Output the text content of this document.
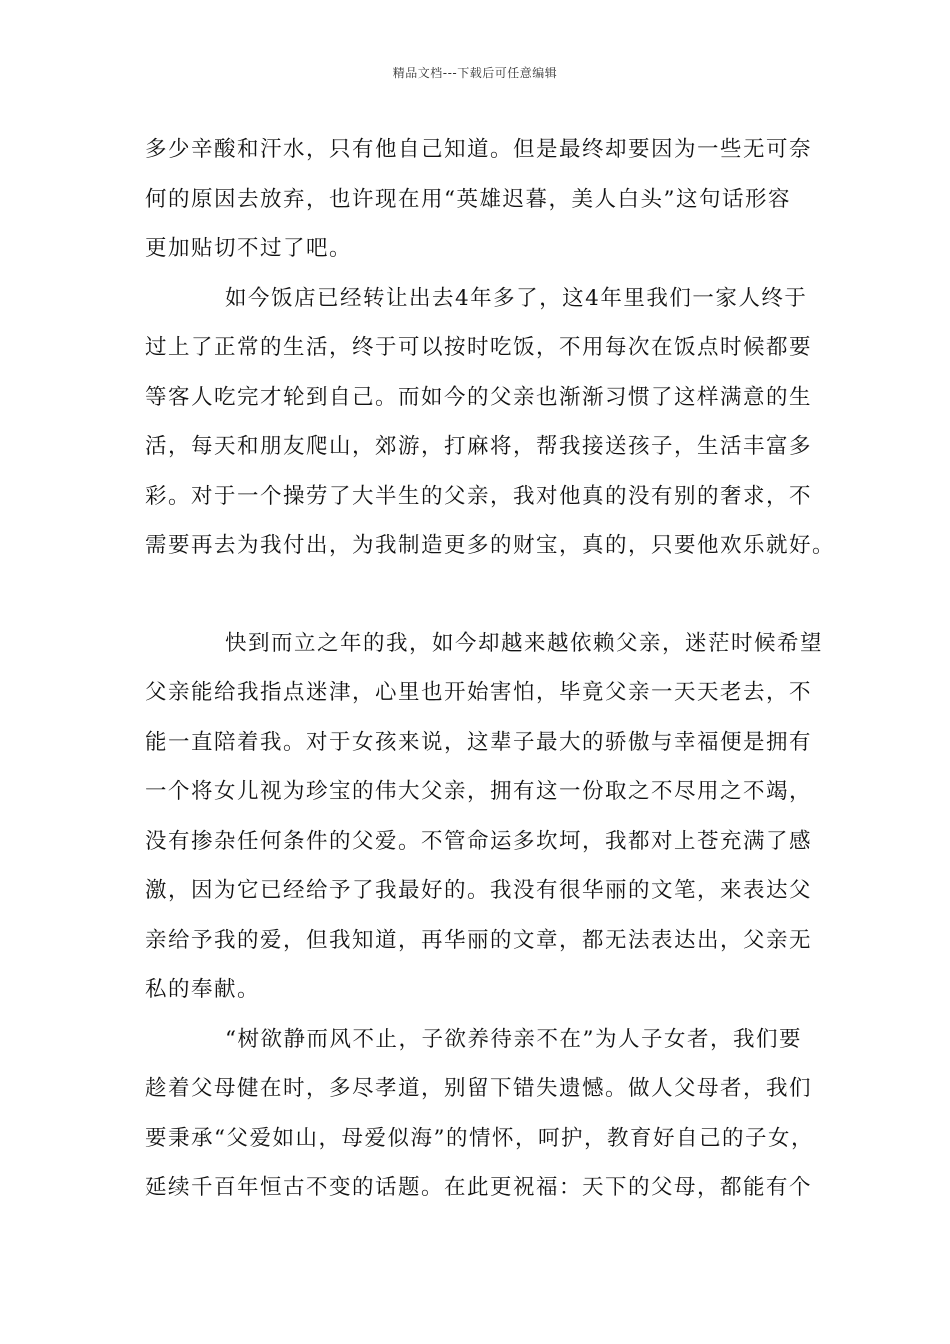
精品文档---下载后可任意编辑

多少辛酸和汗水，只有他自己知道。但是最终却要因为一些无可奈
何的原因去放弃，也许现在用“英雄迟暮，美人白头”这句话形容
更加贴切不过了吧。

如今饭店已经转让出去4年多了，这4年里我们一家人终于
过上了正常的生活，终于可以按时吃饭，不用每次在饭点时候都要
等客人吃完才轮到自己。而如今的父亲也渐渐习惯了这样满意的生
活，每天和朋友爬山，郊游，打麻将，帮我接送孩子，生活丰富多
彩。对于一个操劳了大半生的父亲，我对他真的没有别的奢求，不
需要再去为我付出，为我制造更多的财宝，真的，只要他欢乐就好。

快到而立之年的我，如今却越来越依赖父亲，迷茫时候希望
父亲能给我指点迷津，心里也开始害怕，毕竟父亲一天天老去，不
能一直陪着我。对于女孩来说，这辈子最大的骄傲与幸福便是拥有
一个将女儿视为珍宝的伟大父亲，拥有这一份取之不尽用之不竭，
没有掺杂任何条件的父爱。不管命运多坎坷，我都对上苍充满了感
激，因为它已经给予了我最好的。我没有很华丽的文笔，来表达父
亲给予我的爱，但我知道，再华丽的文章，都无法表达出，父亲无
私的奉献。

“树欲静而风不止，子欲养待亲不在”为人子女者，我们要
趁着父母健在时，多尽孝道，别留下错失遗憾。做人父母者，我们
要秉承“父爱如山，母爱似海”的情怀，呵护，教育好自己的子女，
延续千百年恒古不变的话题。在此更祝福：天下的父母，都能有个
